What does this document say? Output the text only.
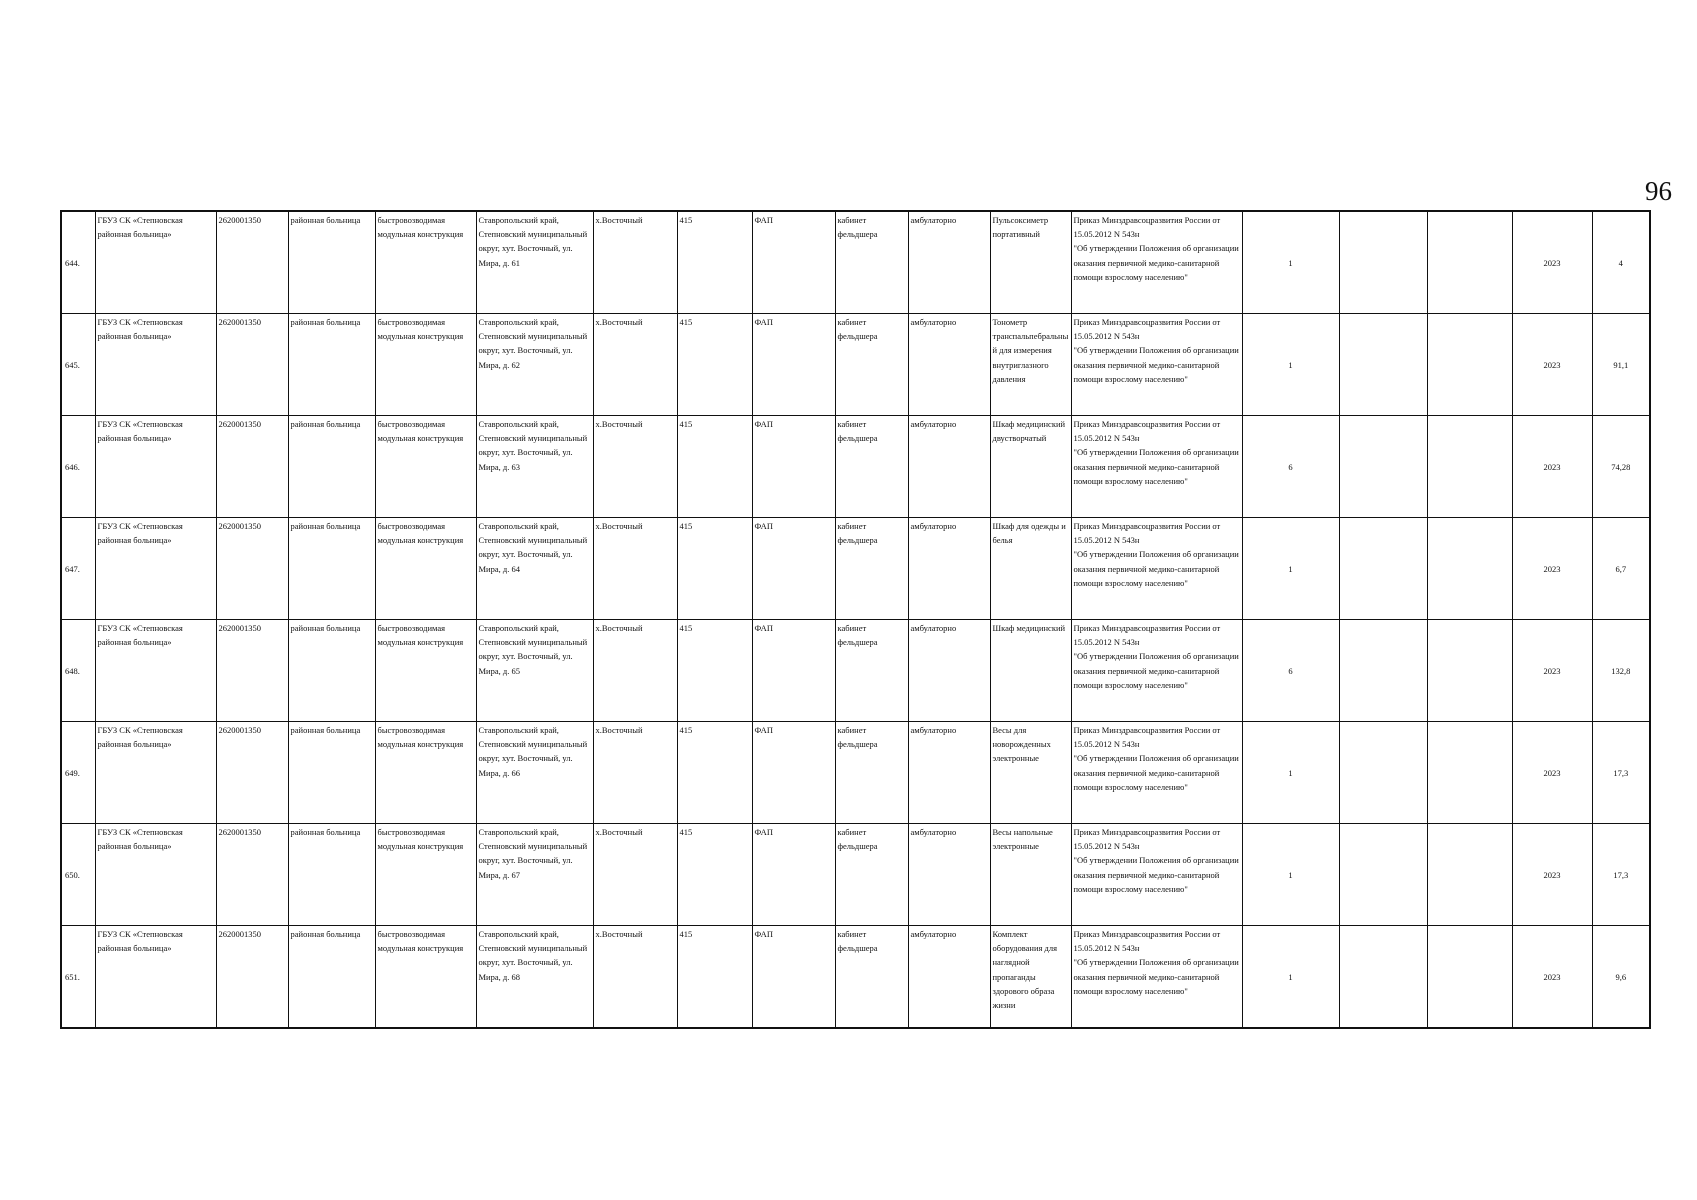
96
644.	ГБУЗ СК «Степновская районная больница»	2620001350	районная больница	быстровозводимая модульная конструкция	Ставропольский край, Степновский муниципальный округ, хут. Восточный, ул. Мира, д. 61	х.Восточный	415	ФАП	кабинет фельдшера	амбулаторно	Пульсоксиметр портативный	Приказ Минздравсоцразвития России от 15.05.2012 N 543н
"Об утверждении Положения об организации оказания первичной медико-санитарной помощи взрослому населению"	1			2023	4
645.	ГБУЗ СК «Степновская районная больница»	2620001350	районная больница	быстровозводимая модульная конструкция	Ставропольский край, Степновский муниципальный округ, хут. Восточный, ул. Мира, д. 62	х.Восточный	415	ФАП	кабинет фельдшера	амбулаторно	Тонометр транспальпебральный для измерения внутриглазного давления	Приказ Минздравсоцразвития России от 15.05.2012 N 543н
"Об утверждении Положения об организации оказания первичной медико-санитарной помощи взрослому населению"	1			2023	91,1
646.	ГБУЗ СК «Степновская районная больница»	2620001350	районная больница	быстровозводимая модульная конструкция	Ставропольский край, Степновский муниципальный округ, хут. Восточный, ул. Мира, д. 63	х.Восточный	415	ФАП	кабинет фельдшера	амбулаторно	Шкаф медицинский двустворчатый	Приказ Минздравсоцразвития России от 15.05.2012 N 543н
"Об утверждении Положения об организации оказания первичной медико-санитарной помощи взрослому населению"	6			2023	74,28
647.	ГБУЗ СК «Степновская районная больница»	2620001350	районная больница	быстровозводимая модульная конструкция	Ставропольский край, Степновский муниципальный округ, хут. Восточный, ул. Мира, д. 64	х.Восточный	415	ФАП	кабинет фельдшера	амбулаторно	Шкаф для одежды и белья	Приказ Минздравсоцразвития России от 15.05.2012 N 543н
"Об утверждении Положения об организации оказания первичной медико-санитарной помощи взрослому населению"	1			2023	6,7
648.	ГБУЗ СК «Степновская районная больница»	2620001350	районная больница	быстровозводимая модульная конструкция	Ставропольский край, Степновский муниципальный округ, хут. Восточный, ул. Мира, д. 65	х.Восточный	415	ФАП	кабинет фельдшера	амбулаторно	Шкаф медицинский	Приказ Минздравсоцразвития России от 15.05.2012 N 543н
"Об утверждении Положения об организации оказания первичной медико-санитарной помощи взрослому населению"	6			2023	132,8
649.	ГБУЗ СК «Степновская районная больница»	2620001350	районная больница	быстровозводимая модульная конструкция	Ставропольский край, Степновский муниципальный округ, хут. Восточный, ул. Мира, д. 66	х.Восточный	415	ФАП	кабинет фельдшера	амбулаторно	Весы для новорожденных электронные	Приказ Минздравсоцразвития России от 15.05.2012 N 543н
"Об утверждении Положения об организации оказания первичной медико-санитарной помощи взрослому населению"	1			2023	17,3
650.	ГБУЗ СК «Степновская районная больница»	2620001350	районная больница	быстровозводимая модульная конструкция	Ставропольский край, Степновский муниципальный округ, хут. Восточный, ул. Мира, д. 67	х.Восточный	415	ФАП	кабинет фельдшера	амбулаторно	Весы напольные электронные	Приказ Минздравсоцразвития России от 15.05.2012 N 543н
"Об утверждении Положения об организации оказания первичной медико-санитарной помощи взрослому населению"	1			2023	17,3
651.	ГБУЗ СК «Степновская районная больница»	2620001350	районная больница	быстровозводимая модульная конструкция	Ставропольский край, Степновский муниципальный округ, хут. Восточный, ул. Мира, д. 68	х.Восточный	415	ФАП	кабинет фельдшера	амбулаторно	Комплект оборудования для наглядной пропаганды здорового образа жизни	Приказ Минздравсоцразвития России от 15.05.2012 N 543н
"Об утверждении Положения об организации оказания первичной медико-санитарной помощи взрослому населению"	1			2023	9,6
